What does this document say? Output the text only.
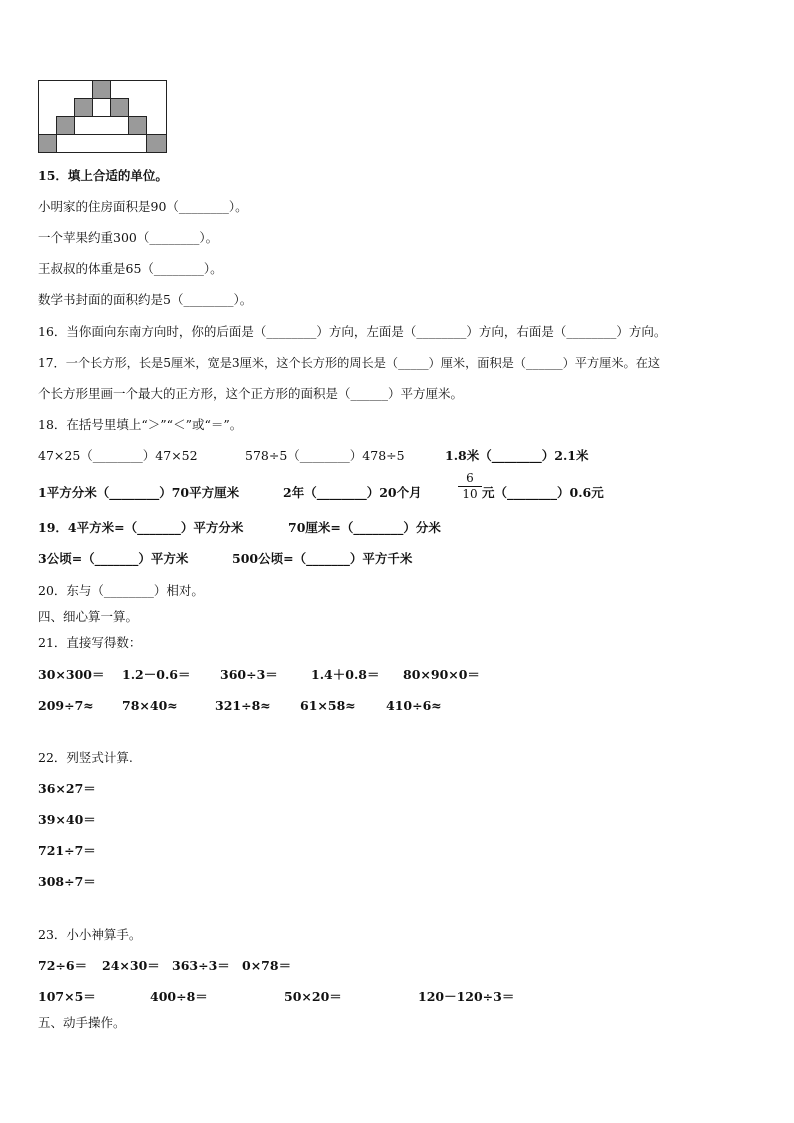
15．填上合适的单位。
小明家的住房面积是90（________）。
一个苹果约重300（________）。
王叔叔的体重是65（________）。
数学书封面的面积约是5（________）。
16．当你面向东南方向时，你的后面是（________）方向，左面是（________）方向，右面是（________）方向。
17．一个长方形，长是5厘米，宽是3厘米，这个长方形的周长是（_____）厘米，面积是（______）平方厘米。在这
个长方形里画一个最大的正方形，这个正方形的面积是（______）平方厘米。
18．在括号里填上“＞”“＜”或“＝”。
47×25（________）47×52	578÷5（________）478÷5	1.8米（________）2.1米
1平方分米（________）70平方厘米	2年（________）20个月
6
10 元（________）0.6元
19．4平方米=（_______）平方分米	70厘米=（________）分米
3公顷=（_______）平方米	500公顷=（_______）平方千米
20．东与（________）相对。
四、细心算一算。
21．直接写得数：
30×300＝ 1.2－0.6＝ 360÷3＝	1.4＋0.8＝ 80×90×0＝
209÷7≈ 78×40≈	321÷8≈ 61×58≈ 410÷6≈
22．列竖式计算.
36×27＝
39×40＝
721÷7＝
308÷7＝
23．小小神算手。
72÷6＝ 24×30＝ 363÷3＝ 0×78＝
107×5＝	400÷8＝	50×20＝	120－120÷3＝
五、动手操作。
